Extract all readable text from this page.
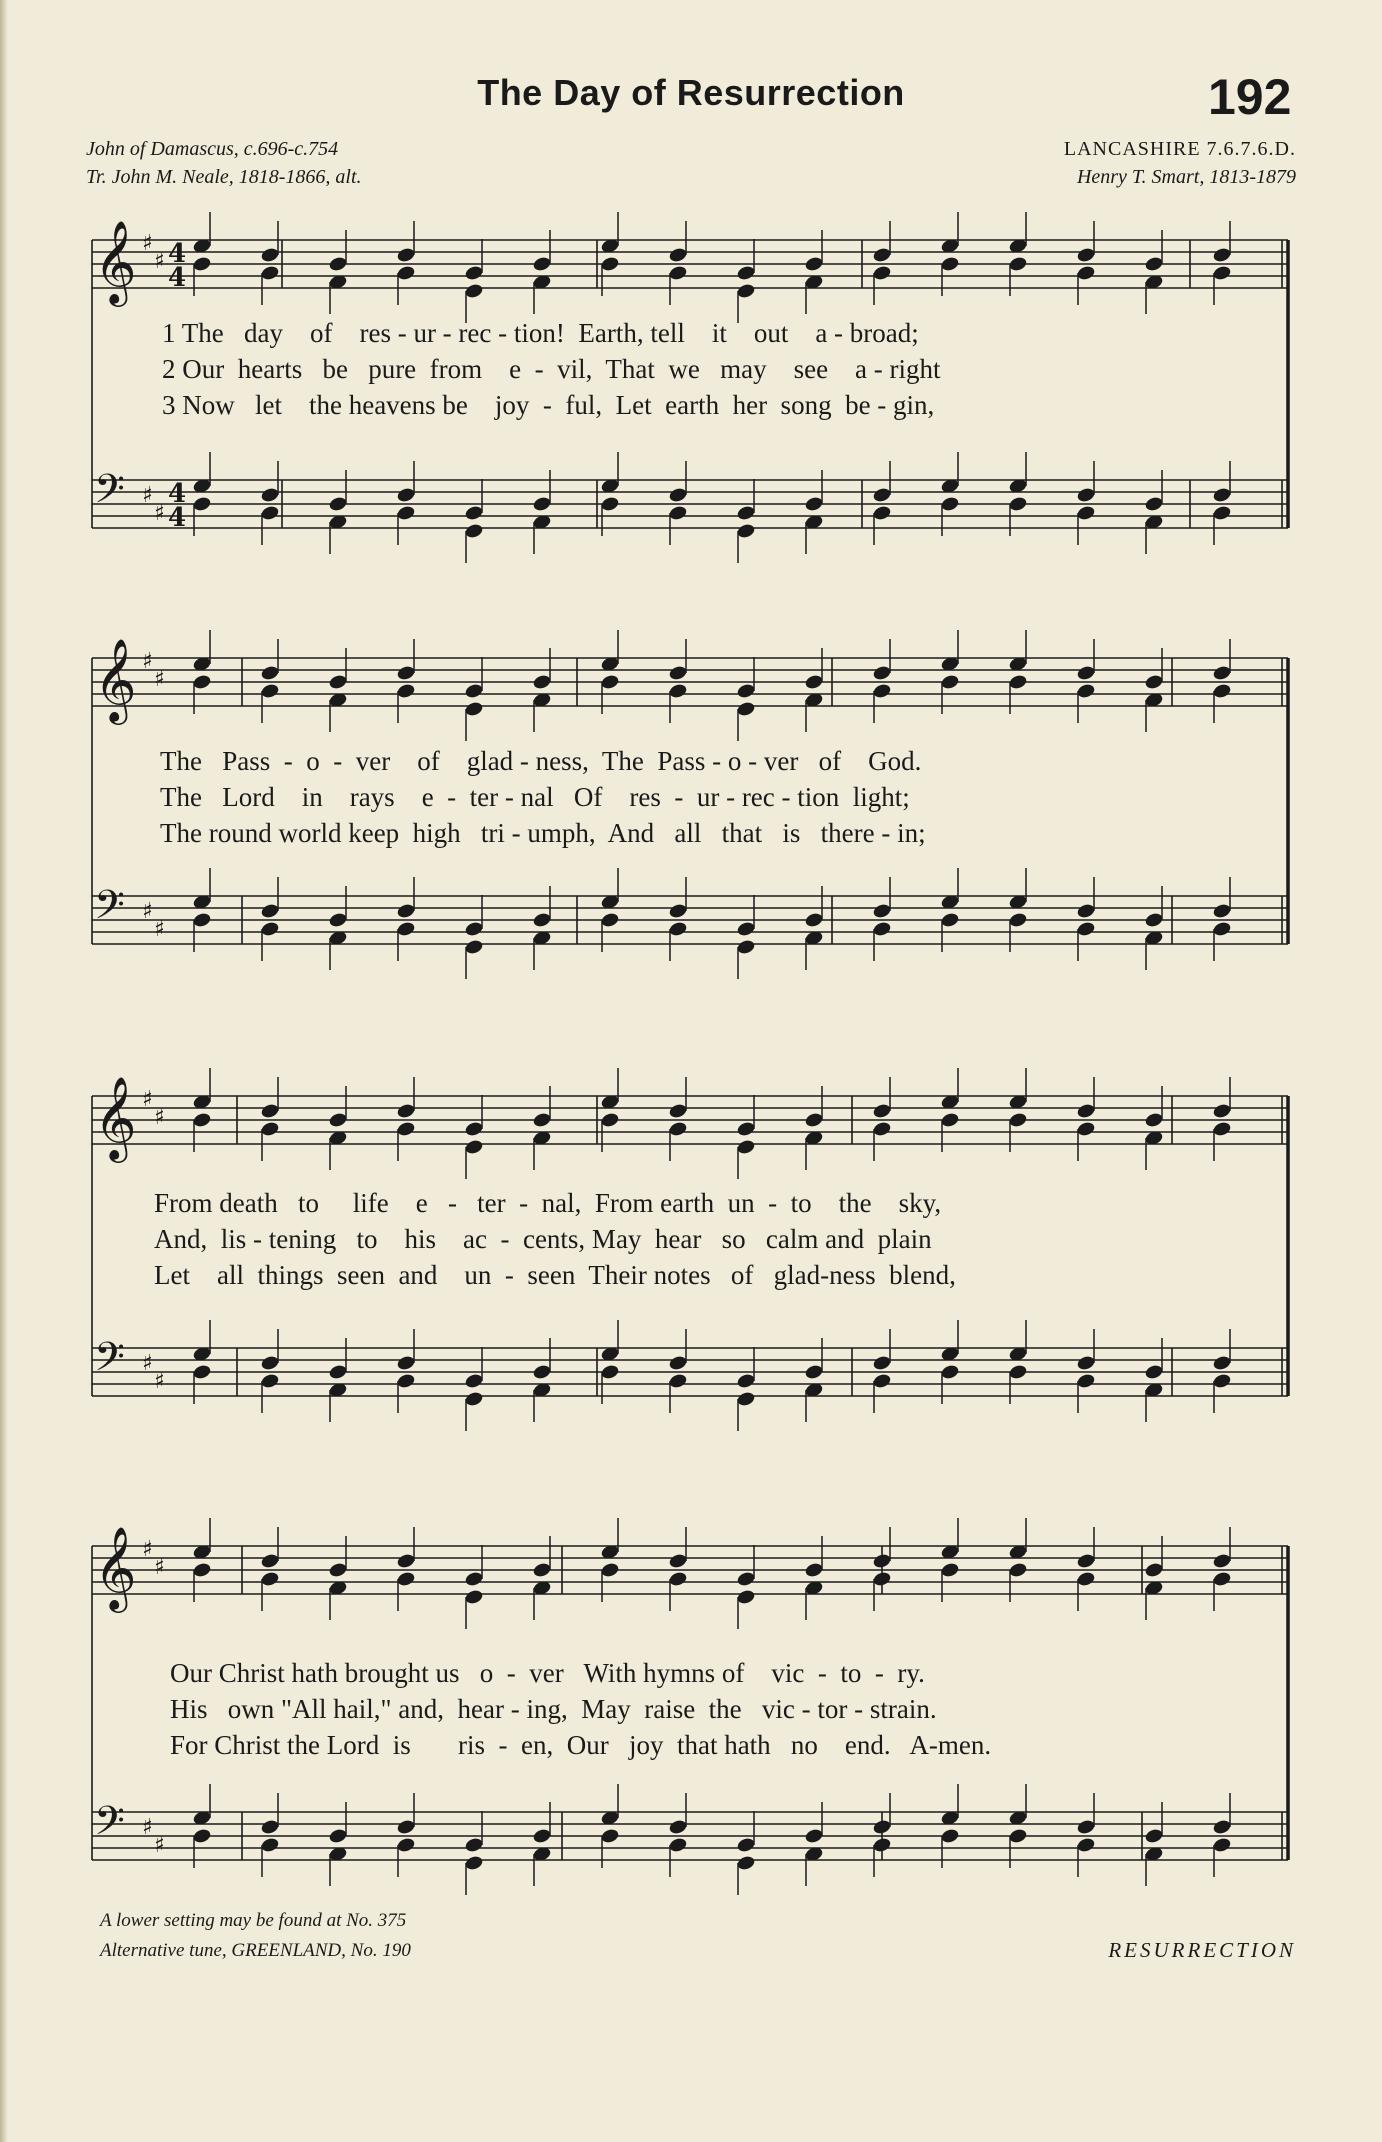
The Day of Resurrection	192
John of Damascus, c.696-c.754
Tr. John M. Neale, 1818-1866, alt.
LANCASHIRE 7.6.7.6.D.
Henry T. Smart, 1813-1879
𝄞 ♯
♯
𝄢 ♯
♯
4
4
4
4
1 The   day    of    res - ur - rec - tion!  Earth, tell    it    out    a - broad;
2 Our  hearts   be   pure  from    e  -  vil,  That  we   may    see    a - right
3 Now   let    the heavens be    joy  -  ful,  Let  earth  her  song  be - gin,
𝄞 ♯
♯
𝄢 ♯
♯
The   Pass  -  o  -  ver    of    glad - ness,  The  Pass - o - ver   of    God.
The   Lord    in    rays    e  -  ter - nal   Of    res  -  ur - rec - tion  light;
The round world keep  high   tri - umph,  And   all   that   is   there - in;
𝄞 ♯
♯
𝄢 ♯
♯
From death   to     life    e   -   ter  -  nal,  From earth  un  -  to    the    sky,
And,  lis - tening   to    his    ac  -  cents, May  hear   so   calm and  plain
Let    all  things  seen  and    un  -  seen  Their notes   of   glad-ness  blend,
𝄞 ♯
♯
𝄢 ♯
♯
Our Christ hath brought us   o  -  ver   With hymns of    vic  -  to  -  ry.
His   own "All hail," and,  hear - ing,  May  raise  the   vic - tor - strain.
For Christ the Lord  is       ris  -  en,  Our   joy  that hath   no    end.   A-men.
A lower setting may be found at No. 375
Alternative tune, GREENLAND, No. 190	RESURRECTION
